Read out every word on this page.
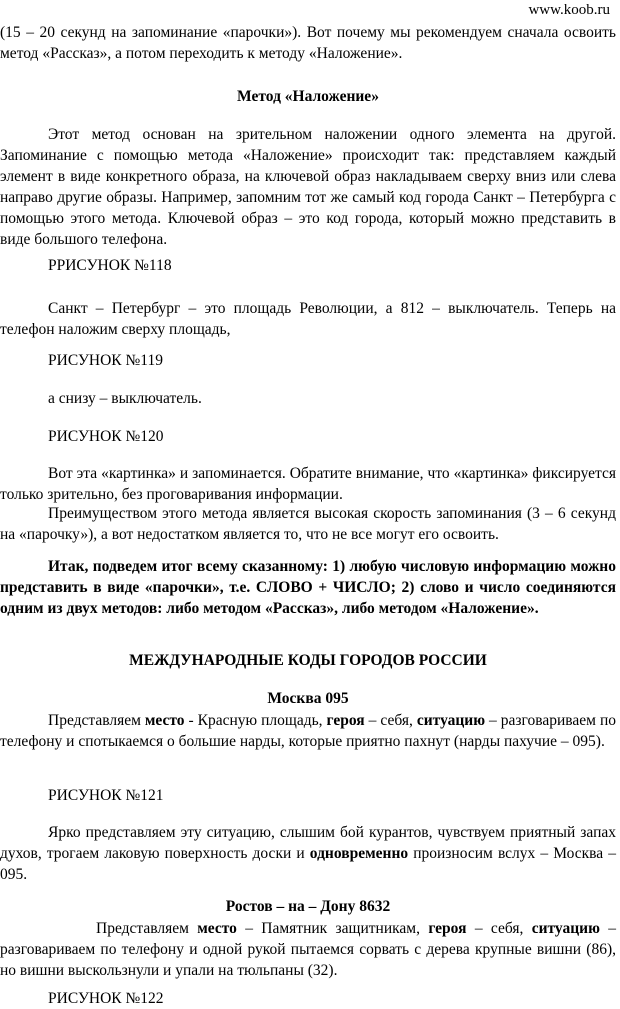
www.koob.ru

(15 – 20 секунд на запоминание «парочки»). Вот почему мы рекомендуем сначала освоить метод «Рассказ», а потом переходить к методу «Наложение».

Метод «Наложение»

Этот метод основан на зрительном наложении одного элемента на другой. Запоминание с помощью метода «Наложение» происходит так: представляем каждый элемент в виде конкретного образа, на ключевой образ накладываем сверху вниз или слева направо другие образы. Например, запомним тот же самый код города Санкт – Петербурга с помощью этого метода. Ключевой образ – это код города, который можно представить в виде большого телефона.

РРИСУНОК №118

Санкт – Петербург – это площадь Революции, а 812 – выключатель. Теперь на телефон наложим сверху площадь,

РИСУНОК №119

а снизу – выключатель.

РИСУНОК №120

Вот эта «картинка» и запоминается. Обратите внимание, что «картинка» фиксируется только зрительно, без проговаривания информации.

Преимуществом этого метода является высокая скорость запоминания (3 – 6 секунд на «парочку»), а вот недостатком является то, что не все могут его освоить.

Итак, подведем итог всему сказанному: 1) любую числовую информацию можно представить в виде «парочки», т.е. СЛОВО + ЧИСЛО; 2) слово и число соединяются одним из двух методов: либо методом «Рассказ», либо методом «Наложение».

МЕЖДУНАРОДНЫЕ КОДЫ ГОРОДОВ РОССИИ

Москва 095

Представляем место - Красную площадь, героя – себя, ситуацию – разговариваем по телефону и спотыкаемся о большие нарды, которые приятно пахнут (нарды пахучие – 095).

РИСУНОК №121

Ярко представляем эту ситуацию, слышим бой курантов, чувствуем приятный запах духов, трогаем лаковую поверхность доски и одновременно произносим вслух – Москва – 095.

Ростов – на – Дону 8632

Представляем место – Памятник защитникам, героя – себя, ситуацию – разговариваем по телефону и одной рукой пытаемся сорвать с дерева крупные вишни (86), но вишни выскользнули и упали на тюльпаны (32).

РИСУНОК №122
